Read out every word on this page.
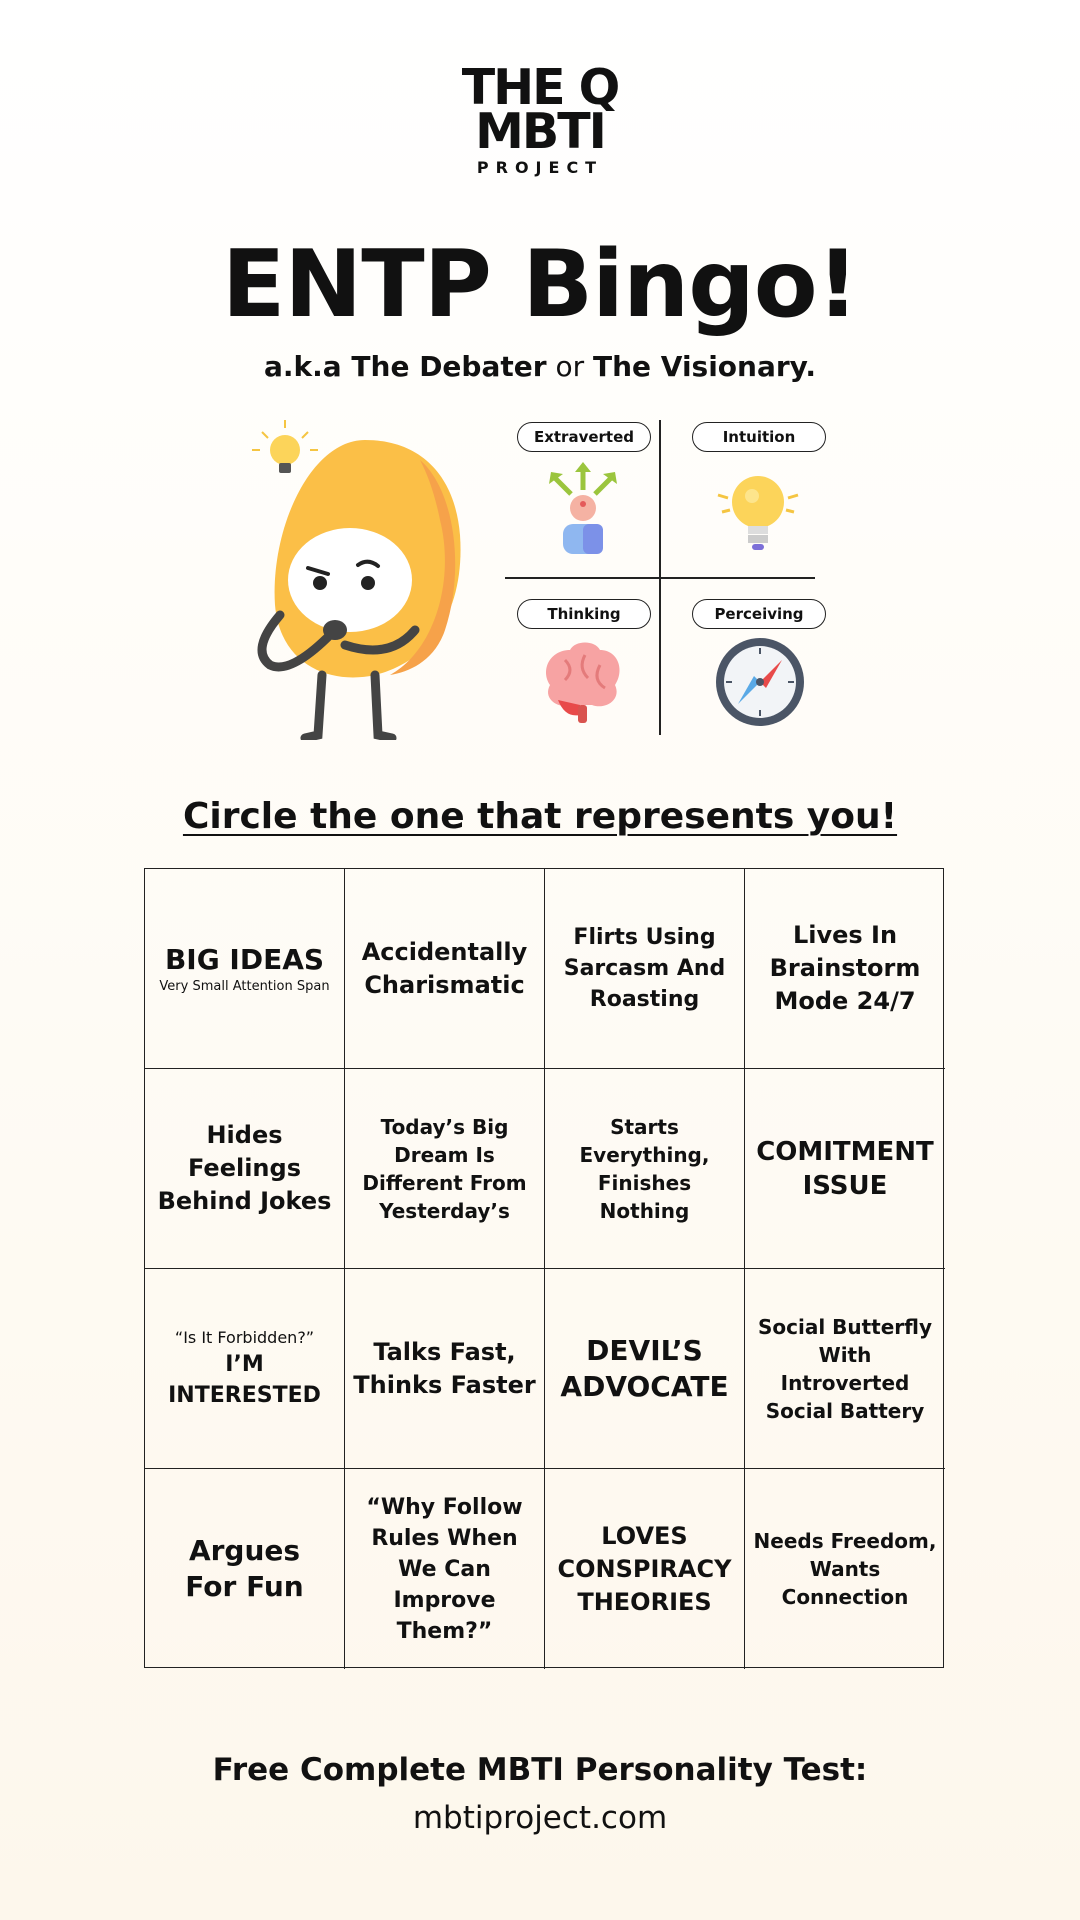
THE Q
MBTI
PROJECT
ENTP Bingo!
a.k.a The Debater or The Visionary.
Extraverted	Intuition
Thinking	Perceiving
Circle the one that represents you!
BIG IDEAS
Very Small Attention Span
Accidentally Charismatic
Flirts Using Sarcasm And Roasting
Lives In Brainstorm Mode 24/7
Hides Feelings Behind Jokes
Today’s Big Dream Is Different From Yesterday’s
Starts Everything, Finishes Nothing
COMITMENT ISSUE
“Is It Forbidden?”
I’M INTERESTED
Talks Fast, Thinks Faster
DEVIL’S ADVOCATE
Social Butterfly With Introverted Social Battery
Argues For Fun
“Why Follow Rules When We Can Improve Them?”
LOVES CONSPIRACY THEORIES
Needs Freedom, Wants Connection
Free Complete MBTI Personality Test:
mbtiproject.com
